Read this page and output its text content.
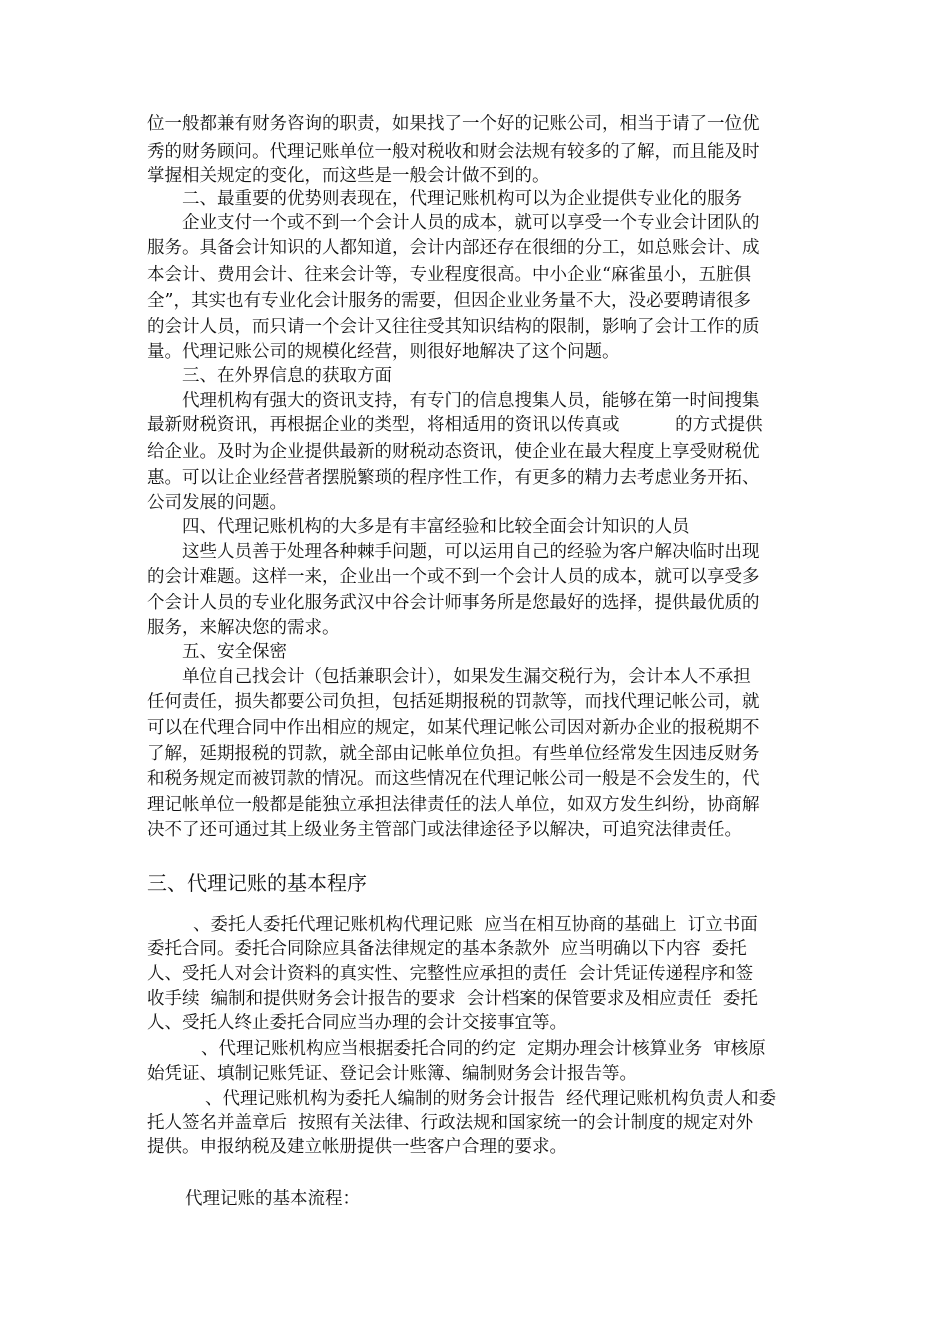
位一般都兼有财务咨询的职责，如果找了一个好的记账公司，相当于请了一位优

秀的财务顾问。代理记账单位一般对税收和财会法规有较多的了解，而且能及时

掌握相关规定的变化，而这些是一般会计做不到的。

二、最重要的优势则表现在，代理记账机构可以为企业提供专业化的服务

企业支付一个或不到一个会计人员的成本，就可以享受一个专业会计团队的

服务。具备会计知识的人都知道，会计内部还存在很细的分工，如总账会计、成

本会计、费用会计、往来会计等，专业程度很高。中小企业“麻雀虽小，五脏俱

全”，其实也有专业化会计服务的需要，但因企业业务量不大，没必要聘请很多

的会计人员，而只请一个会计又往往受其知识结构的限制，影响了会计工作的质

量。代理记账公司的规模化经营，则很好地解决了这个问题。

三、在外界信息的获取方面

代理机构有强大的资讯支持，有专门的信息搜集人员，能够在第一时间搜集

最新财税资讯，再根据企业的类型，将相适用的资讯以传真或          的方式提供

给企业。及时为企业提供最新的财税动态资讯，使企业在最大程度上享受财税优

惠。可以让企业经营者摆脱繁琐的程序性工作，有更多的精力去考虑业务开拓、

公司发展的问题。

四、代理记账机构的大多是有丰富经验和比较全面会计知识的人员

这些人员善于处理各种棘手问题，可以运用自己的经验为客户解决临时出现

的会计难题。这样一来，企业出一个或不到一个会计人员的成本，就可以享受多

个会计人员的专业化服务武汉中谷会计师事务所是您最好的选择，提供最优质的

服务，来解决您的需求。

五、安全保密

单位自己找会计（包括兼职会计），如果发生漏交税行为，会计本人不承担

任何责任，损失都要公司负担，包括延期报税的罚款等，而找代理记帐公司，就

可以在代理合同中作出相应的规定，如某代理记帐公司因对新办企业的报税期不

了解，延期报税的罚款，就全部由记帐单位负担。有些单位经常发生因违反财务

和税务规定而被罚款的情况。而这些情况在代理记帐公司一般是不会发生的，代

理记帐单位一般都是能独立承担法律责任的法人单位，如双方发生纠纷，协商解

决不了还可通过其上级业务主管部门或法律途径予以解决，可追究法律责任。

三、代理记账的基本程序

、委托人委托代理记账机构代理记账  应当在相互协商的基础上  订立书面

委托合同。委托合同除应具备法律规定的基本条款外  应当明确以下内容  委托

人、受托人对会计资料的真实性、完整性应承担的责任  会计凭证传递程序和签

收手续  编制和提供财务会计报告的要求  会计档案的保管要求及相应责任  委托

人、受托人终止委托合同应当办理的会计交接事宜等。

、代理记账机构应当根据委托合同的约定  定期办理会计核算业务  审核原

始凭证、填制记账凭证、登记会计账簿、编制财务会计报告等。

、代理记账机构为委托人编制的财务会计报告  经代理记账机构负责人和委

托人签名并盖章后  按照有关法律、行政法规和国家统一的会计制度的规定对外

提供。申报纳税及建立帐册提供一些客户合理的要求。

代理记账的基本流程：
